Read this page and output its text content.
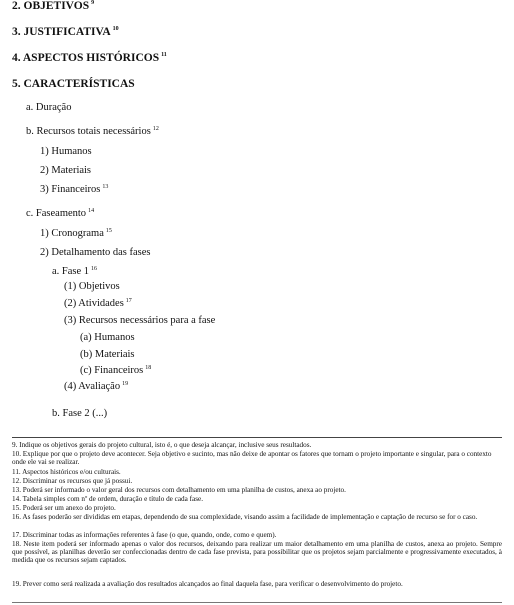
2. OBJETIVOS $^9$
3. JUSTIFICATIVA $^{10}$
4. ASPECTOS HISTÓRICOS $^{11}$
5. CARACTERÍSTICAS
a. Duração
b. Recursos totais necessários $^{12}$
1) Humanos
2) Materiais
3) Financeiros $^{13}$
c. Faseamento $^{14}$
1) Cronograma $^{15}$
2) Detalhamento das fases
a. Fase 1 $^{16}$
(1) Objetivos
(2) Atividades $^{17}$
(3) Recursos necessários para a fase
(a) Humanos
(b) Materiais
(c) Financeiros $^{18}$
(4) Avaliação $^{19}$
b. Fase 2 (...)
9. Indique os objetivos gerais do projeto cultural, isto é, o que deseja alcançar, inclusive seus resultados.
10. Explique por que o projeto deve acontecer. Seja objetivo e sucinto, mas não deixe de apontar os fatores que tornam o projeto importante e singular, para o contexto onde ele vai se realizar.
11. Aspectos históricos e/ou culturais.
12. Discriminar os recursos que já possui.
13. Poderá ser informado o valor geral dos recursos com detalhamento em uma planilha de custos, anexa ao projeto.
14. Tabela simples com nº de ordem, duração e título de cada fase.
15. Poderá ser um anexo do projeto.
16. As fases poderão ser divididas em etapas, dependendo de sua complexidade, visando assim a facilidade de implementação e captação de recurso se for o caso.
17. Discriminar todas as informações referentes à fase (o que, quando, onde, como e quem).
18. Neste item poderá ser informado apenas o valor dos recursos, deixando para realizar um maior detalhamento em uma planilha de custos, anexa ao projeto. Sempre que possível, as planilhas deverão ser confeccionadas dentro de cada fase prevista, para possibilitar que os projetos sejam parcialmente e progressivamente executados, à medida que os recursos sejam captados.
19. Prever como será realizada a avaliação dos resultados alcançados ao final daquela fase, para verificar o desenvolvimento do projeto.
